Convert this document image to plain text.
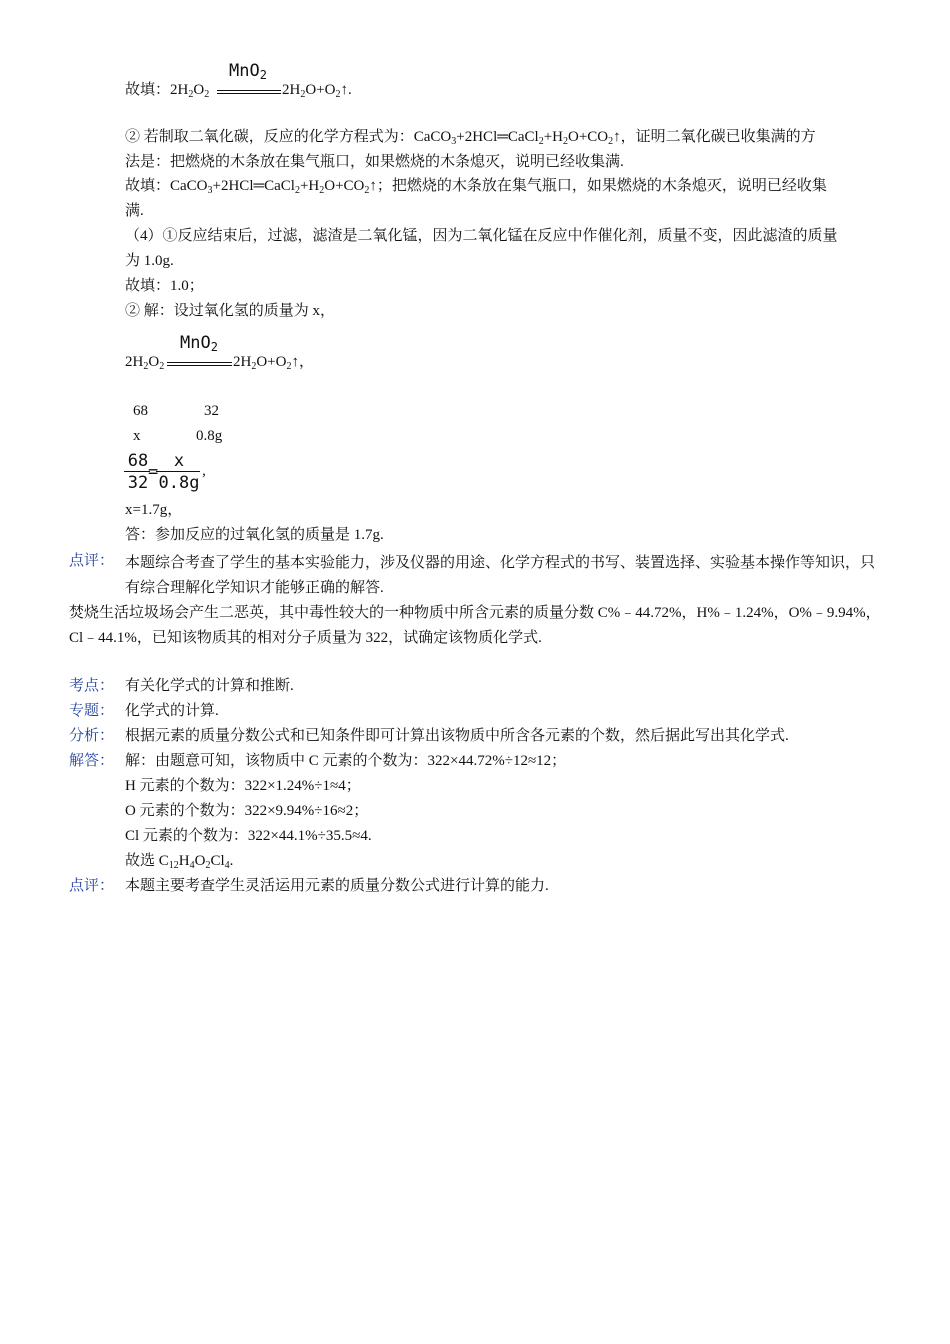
故填：$2H_2O_2$
MnO$_2$
$2H_2O+O_2↑$.
② 若制取二氧化碳，反应的化学方程式为：$CaCO_3+2HCl═CaCl_2+H_2O+CO_2↑$，证明二氧化碳已收集满的方
法是：把燃烧的木条放在集气瓶口，如果燃烧的木条熄灭，说明已经收集满.
故填：$CaCO_3+2HCl═CaCl_2+H_2O+CO_2↑$；把燃烧的木条放在集气瓶口，如果燃烧的木条熄灭，说明已经收集
满.
（4）①反应结束后，过滤，滤渣是二氧化锰，因为二氧化锰在反应中作催化剂，质量不变，因此滤渣的质量
为 1.0g.
故填：1.0；
② 解：设过氧化氢的质量为 x，
$2H_2O_2$
MnO$_2$
$2H_2O+O_2↑$，
68	32
x	0.8g
68
32
=
x
0.8g
,
x=1.7g，
答：参加反应的过氧化氢的质量是 1.7g.
点评： 本题综合考查了学生的基本实验能力，涉及仪器的用途、化学方程式的书写、装置选择、实验基本操作等知识，只有综合理解化学知识才能够正确的解答.
焚烧生活垃圾场会产生二恶英，其中毒性较大的一种物质中所含元素的质量分数 C%﹣44.72%，H%﹣1.24%，O%﹣9.94%，Cl﹣44.1%，已知该物质其的相对分子质量为 322，试确定该物质化学式.
考点： 有关化学式的计算和推断.
专题： 化学式的计算.
分析： 根据元素的质量分数公式和已知条件即可计算出该物质中所含各元素的个数，然后据此写出其化学式.
解答： 解：由题意可知，该物质中 C 元素的个数为：322×44.72%÷12≈12；
H 元素的个数为：322×1.24%÷1≈4；
O 元素的个数为：322×9.94%÷16≈2；
Cl 元素的个数为：322×44.1%÷35.5≈4.
故选 $C_{12}H_4O_2Cl_4$.
点评： 本题主要考查学生灵活运用元素的质量分数公式进行计算的能力.
